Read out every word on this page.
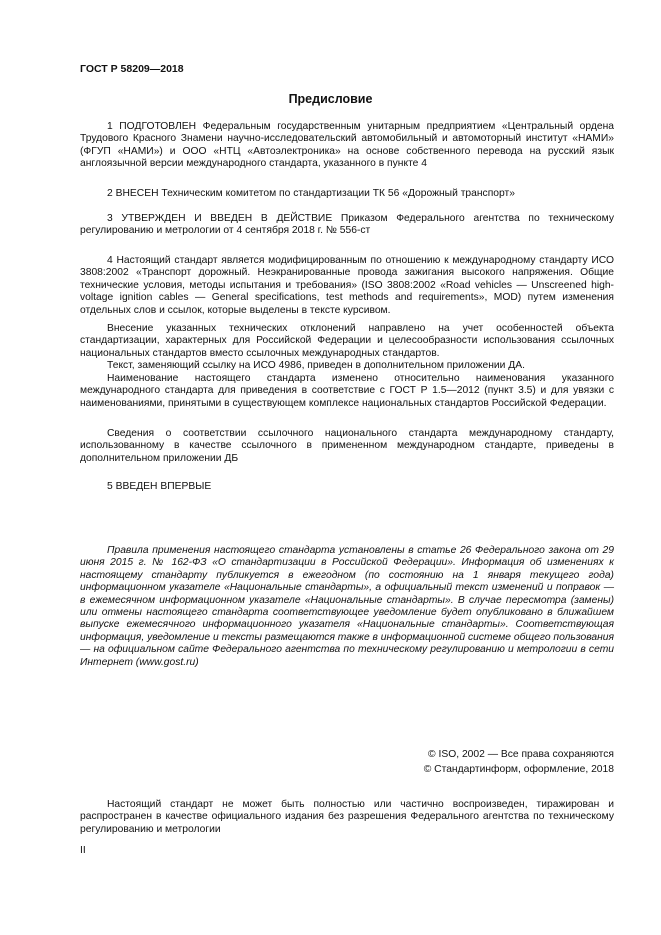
ГОСТ Р 58209—2018
Предисловие
1 ПОДГОТОВЛЕН Федеральным государственным унитарным предприятием «Центральный ордена Трудового Красного Знамени научно-исследовательский автомобильный и автомоторный институт «НАМИ» (ФГУП «НАМИ») и ООО «НТЦ «Автоэлектроника» на основе собственного перевода на русский язык англоязычной версии международного стандарта, указанного в пункте 4
2 ВНЕСЕН Техническим комитетом по стандартизации ТК 56 «Дорожный транспорт»
3 УТВЕРЖДЕН И ВВЕДЕН В ДЕЙСТВИЕ Приказом Федерального агентства по техническому регулированию и метрологии от 4 сентября 2018 г. № 556-ст
4 Настоящий стандарт является модифицированным по отношению к международному стандарту ИСО 3808:2002 «Транспорт дорожный. Неэкранированные провода зажигания высокого напряжения. Общие технические условия, методы испытания и требования» (ISO 3808:2002 «Road vehicles — Unscreened high-voltage ignition cables — General specifications, test methods and requirements», MOD) путем изменения отдельных слов и ссылок, которые выделены в тексте курсивом.
Внесение указанных технических отклонений направлено на учет особенностей объекта стандартизации, характерных для Российской Федерации и целесообразности использования ссылочных национальных стандартов вместо ссылочных международных стандартов.
Текст, заменяющий ссылку на ИСО 4986, приведен в дополнительном приложении ДА.
Наименование настоящего стандарта изменено относительно наименования указанного международного стандарта для приведения в соответствие с ГОСТ Р 1.5—2012 (пункт 3.5) и для увязки с наименованиями, принятыми в существующем комплексе национальных стандартов Российской Федерации.
Сведения о соответствии ссылочного национального стандарта международному стандарту, использованному в качестве ссылочного в примененном международном стандарте, приведены в дополнительном приложении ДБ
5 ВВЕДЕН ВПЕРВЫЕ
Правила применения настоящего стандарта установлены в статье 26 Федерального закона от 29 июня 2015 г. № 162-ФЗ «О стандартизации в Российской Федерации». Информация об изменениях к настоящему стандарту публикуется в ежегодном (по состоянию на 1 января текущего года) информационном указателе «Национальные стандарты», а официальный текст изменений и поправок — в ежемесячном информационном указателе «Национальные стандарты». В случае пересмотра (замены) или отмены настоящего стандарта соответствующее уведомление будет опубликовано в ближайшем выпуске ежемесячного информационного указателя «Национальные стандарты». Соответствующая информация, уведомление и тексты размещаются также в информационной системе общего пользования — на официальном сайте Федерального агентства по техническому регулированию и метрологии в сети Интернет (www.gost.ru)
© ISO, 2002 — Все права сохраняются
© Стандартинформ, оформление, 2018
Настоящий стандарт не может быть полностью или частично воспроизведен, тиражирован и распространен в качестве официального издания без разрешения Федерального агентства по техническому регулированию и метрологии
II
